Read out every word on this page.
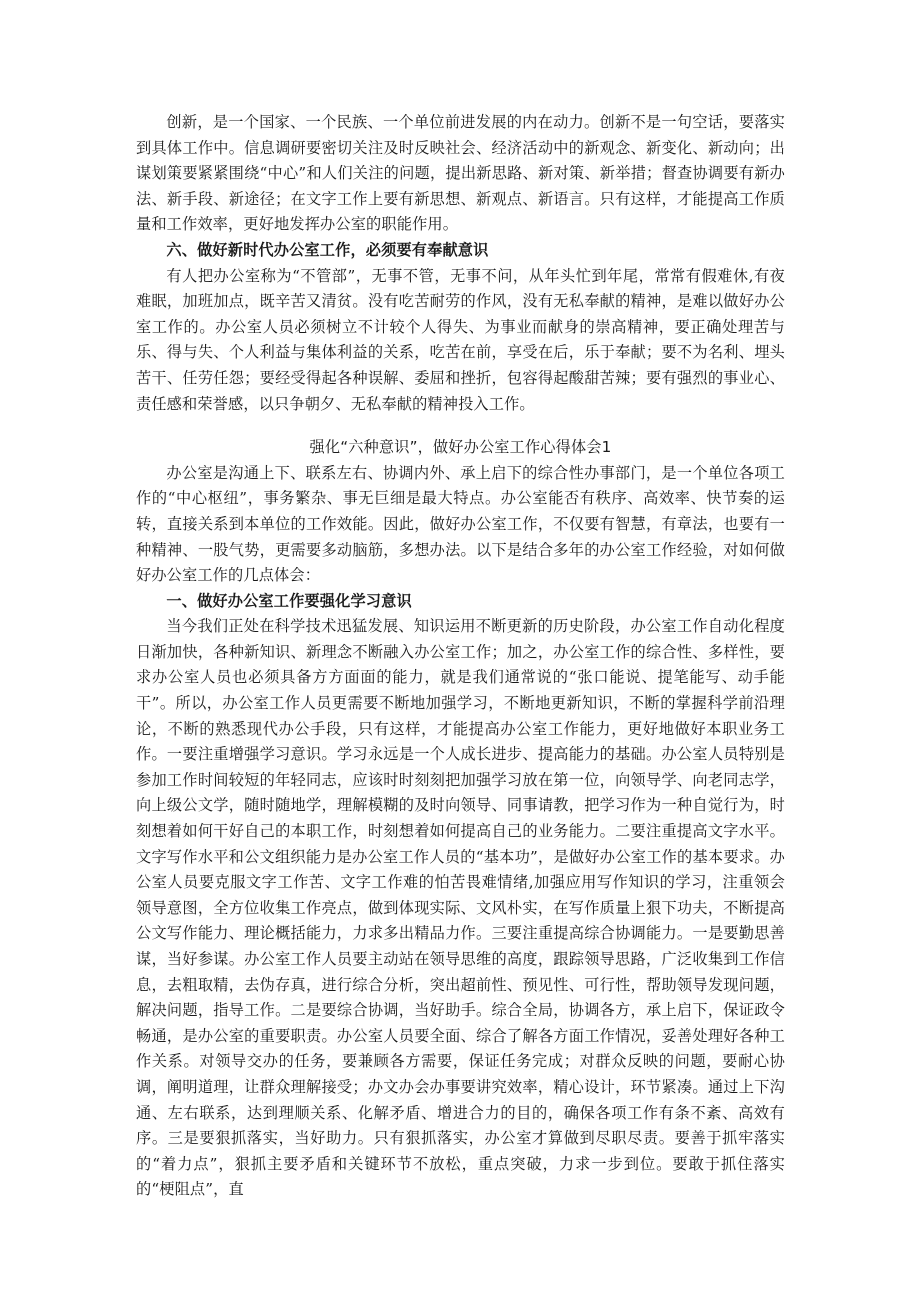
创新，是一个国家、一个民族、一个单位前进发展的内在动力。创新不是一句空话，要落实到具体工作中。信息调研要密切关注及时反映社会、经济活动中的新观念、新变化、新动向；出谋划策要紧紧围绕“中心”和人们关注的问题，提出新思路、新对策、新举措；督查协调要有新办法、新手段、新途径；在文字工作上要有新思想、新观点、新语言。只有这样，才能提高工作质量和工作效率，更好地发挥办公室的职能作用。

六、做好新时代办公室工作，必须要有奉献意识

有人把办公室称为“不管部”，无事不管，无事不问，从年头忙到年尾，常常有假难休,有夜难眠，加班加点，既辛苦又清贫。没有吃苦耐劳的作风，没有无私奉献的精神，是难以做好办公室工作的。办公室人员必须树立不计较个人得失、为事业而献身的崇高精神，要正确处理苦与乐、得与失、个人利益与集体利益的关系，吃苦在前，享受在后，乐于奉献；要不为名利、埋头苦干、任劳任怨；要经受得起各种误解、委屈和挫折，包容得起酸甜苦辣；要有强烈的事业心、责任感和荣誉感，以只争朝夕、无私奉献的精神投入工作。

强化“六种意识”，做好办公室工作心得体会1

办公室是沟通上下、联系左右、协调内外、承上启下的综合性办事部门，是一个单位各项工作的“中心枢纽”，事务繁杂、事无巨细是最大特点。办公室能否有秩序、高效率、快节奏的运转，直接关系到本单位的工作效能。因此，做好办公室工作，不仅要有智慧，有章法，也要有一种精神、一股气势，更需要多动脑筋，多想办法。以下是结合多年的办公室工作经验，对如何做好办公室工作的几点体会：

一、做好办公室工作要强化学习意识

当今我们正处在科学技术迅猛发展、知识运用不断更新的历史阶段，办公室工作自动化程度日渐加快，各种新知识、新理念不断融入办公室工作；加之，办公室工作的综合性、多样性，要求办公室人员也必须具备方方面面的能力，就是我们通常说的“张口能说、提笔能写、动手能干”。所以，办公室工作人员更需要不断地加强学习，不断地更新知识，不断的掌握科学前沿理论，不断的熟悉现代办公手段，只有这样，才能提高办公室工作能力，更好地做好本职业务工作。一要注重增强学习意识。学习永远是一个人成长进步、提高能力的基础。办公室人员特别是参加工作时间较短的年轻同志，应该时时刻刻把加强学习放在第一位，向领导学、向老同志学，向上级公文学，随时随地学，理解模糊的及时向领导、同事请教，把学习作为一种自觉行为，时刻想着如何干好自己的本职工作，时刻想着如何提高自己的业务能力。二要注重提高文字水平。文字写作水平和公文组织能力是办公室工作人员的“基本功”，是做好办公室工作的基本要求。办公室人员要克服文字工作苦、文字工作难的怕苦畏难情绪,加强应用写作知识的学习，注重领会领导意图，全方位收集工作亮点，做到体现实际、文风朴实，在写作质量上狠下功夫，不断提高公文写作能力、理论概括能力，力求多出精品力作。三要注重提高综合协调能力。一是要勤思善谋，当好参谋。办公室工作人员要主动站在领导思维的高度，跟踪领导思路，广泛收集到工作信息，去粗取精，去伪存真，进行综合分析，突出超前性、预见性、可行性，帮助领导发现问题，解决问题，指导工作。二是要综合协调，当好助手。综合全局，协调各方，承上启下，保证政令畅通，是办公室的重要职责。办公室人员要全面、综合了解各方面工作情况，妥善处理好各种工作关系。对领导交办的任务，要兼顾各方需要，保证任务完成；对群众反映的问题，要耐心协调，阐明道理，让群众理解接受；办文办会办事要讲究效率，精心设计，环节紧凑。通过上下沟通、左右联系，达到理顺关系、化解矛盾、增进合力的目的，确保各项工作有条不紊、高效有序。三是要狠抓落实，当好助力。只有狠抓落实，办公室才算做到尽职尽责。要善于抓牢落实的“着力点”，狠抓主要矛盾和关键环节不放松，重点突破，力求一步到位。要敢于抓住落实的“梗阻点”，直
